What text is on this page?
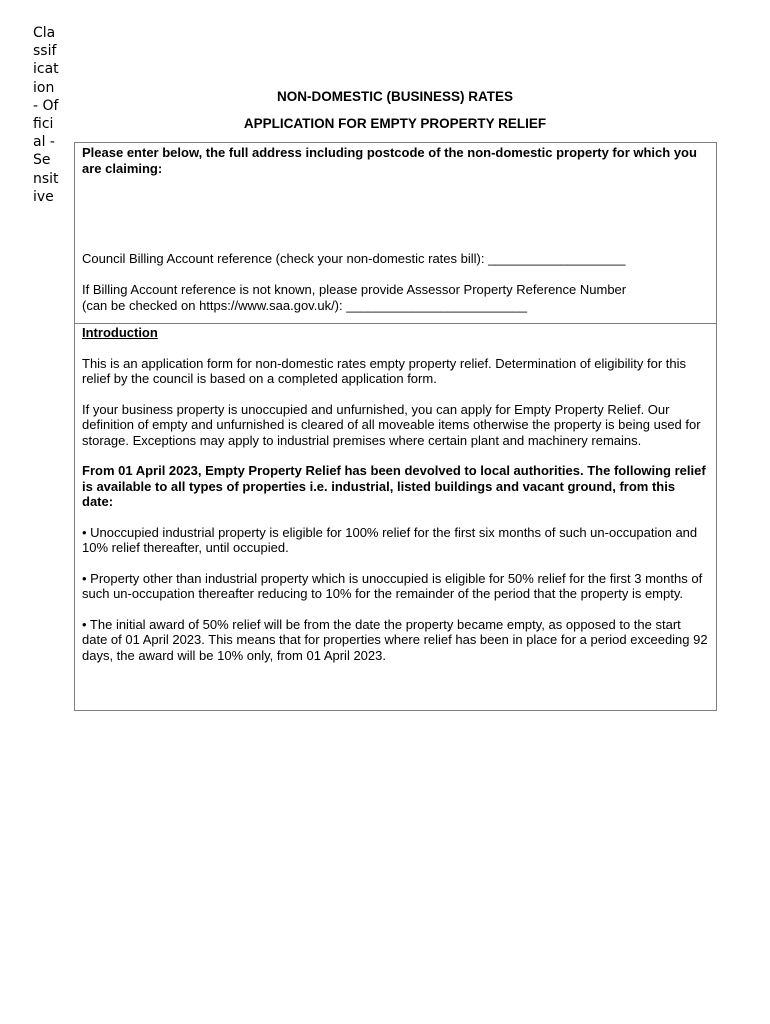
Classification - Official - Sensitive
NON-DOMESTIC (BUSINESS) RATES
APPLICATION FOR EMPTY PROPERTY RELIEF

Please enter below, the full address including postcode of the non-domestic property for which you are claiming:

Council Billing Account reference (check your non-domestic rates bill): ___________________

If Billing Account reference is not known, please provide Assessor Property Reference Number

(can be checked on https://www.saa.gov.uk/): _________________________

Introduction

This is an application form for non-domestic rates empty property relief. Determination of eligibility for this relief by the council is based on a completed application form.

If your business property is unoccupied and unfurnished, you can apply for Empty Property Relief. Our definition of empty and unfurnished is cleared of all moveable items otherwise the property is being used for storage. Exceptions may apply to industrial premises where certain plant and machinery remains.

From 01 April 2023, Empty Property Relief has been devolved to local authorities. The following relief is available to all types of properties i.e. industrial, listed buildings and vacant ground, from this date:

• Unoccupied industrial property is eligible for 100% relief for the first six months of such un-occupation and 10% relief thereafter, until occupied.

• Property other than industrial property which is unoccupied is eligible for 50% relief for the first 3 months of such un-occupation thereafter reducing to 10% for the remainder of the period that the property is empty.

• The initial award of 50% relief will be from the date the property became empty, as opposed to the start date of 01 April 2023. This means that for properties where relief has been in place for a period exceeding 92 days, the award will be 10% only, from 01 April 2023.
